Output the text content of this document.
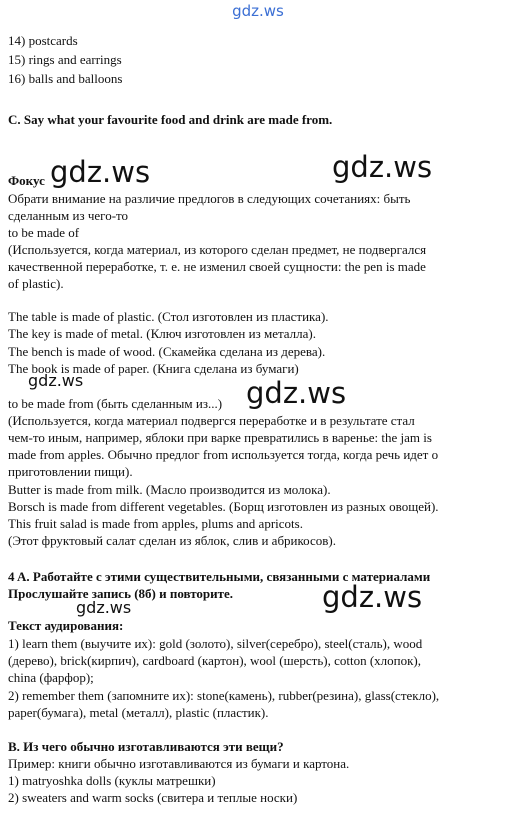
gdz.ws
14) postcards
15) rings and earrings
16) balls and balloons
C. Say what your favourite food and drink are made from.
Фокус
Обрати внимание на различие предлогов в следующих сочетаниях: быть
сделанным из чего-то
to be made of
(Используется, когда материал, из которого сделан предмет, не подвергался
качественной переработке, т. е. не изменил своей сущности: the pen is made
of plastic).
The table is made of plastic. (Стол изготовлен из пластика).
The key is made of metal. (Ключ изготовлен из металла).
The bench is made of wood. (Скамейка сделана из дерева).
The book is made of paper. (Книга сделана из бумаги)
to be made from (быть сделанным из...)
(Используется, когда материал подвергся переработке и в результате стал
чем-то иным, например, яблоки при варке превратились в варенье: the jam is
made from apples. Обычно предлог from используется тогда, когда речь идет о
приготовлении пищи).
Butter is made from milk. (Масло производится из молока).
Borsch is made from different vegetables. (Борщ изготовлен из разных овощей).
This fruit salad is made from apples, plums and apricots.
(Этот фруктовый салат сделан из яблок, слив и абрикосов).
4 A. Работайте с этими существительными, связанными с материалами
Прослушайте запись (8б) и повторите.
Текст аудирования:
1) learn them (выучите их): gold (золото), silver(серебро), steel(сталь), wood
(дерево), brick(кирпич), cardboard (картон), wool (шерсть), cotton (хлопок),
china (фарфор);
2) remember them (запомните их): stone(камень), rubber(резина), glass(стекло),
paper(бумага), metal (металл), plastic (пластик).
B. Из чего обычно изготавливаются эти вещи?
Пример: книги обычно изготавливаются из бумаги и картона.
1) matryoshka dolls (куклы матрешки)
2) sweaters and warm socks (свитера и теплые носки)
gdz.ws	gdz.ws
gdz.ws	gdz.ws
gdz.ws
gdz.ws
